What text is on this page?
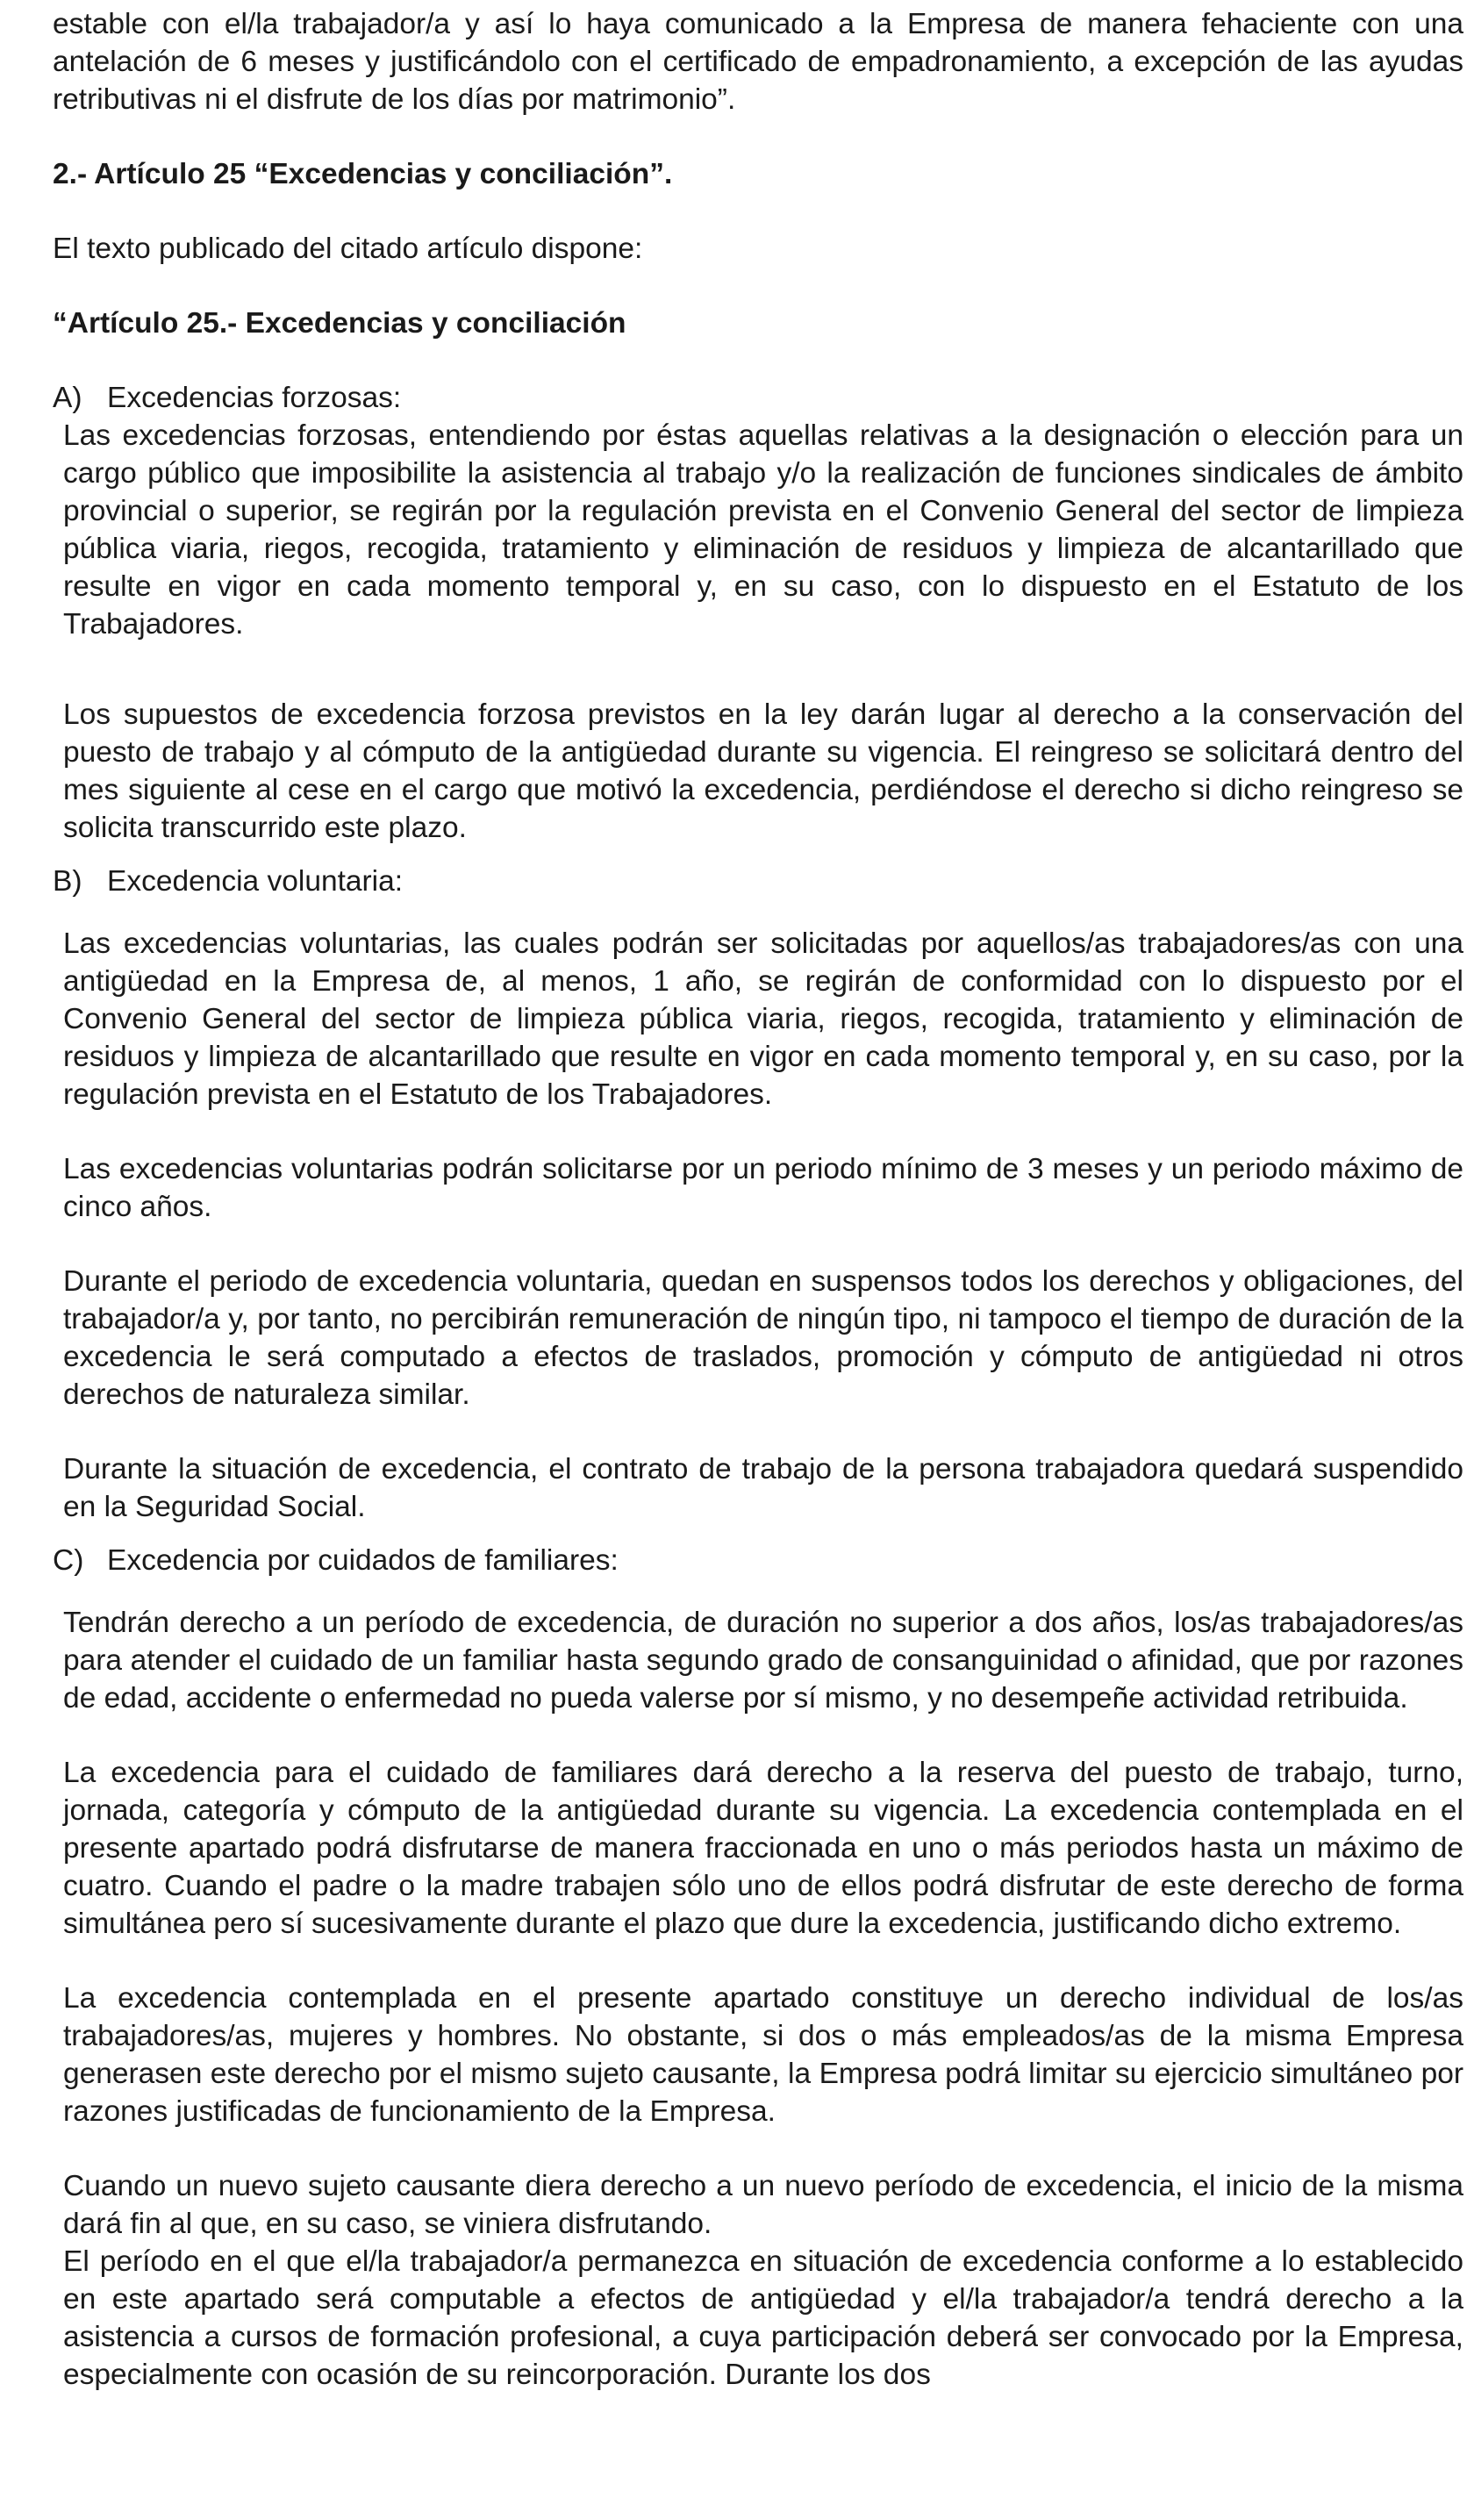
estable con el/la trabajador/a y así lo haya comunicado a la Empresa de manera fehaciente con una antelación de 6 meses y justificándolo con el certificado de empadronamiento, a excepción de las ayudas retributivas ni el disfrute de los días por matrimonio”.

2.- Artículo 25 “Excedencias y conciliación”.

El texto publicado del citado artículo dispone:

“Artículo 25.- Excedencias y conciliación
A) Excedencias forzosas:

Las excedencias forzosas, entendiendo por éstas aquellas relativas a la designación o elección para un cargo público que imposibilite la asistencia al trabajo y/o la realización de funciones sindicales de ámbito provincial o superior, se regirán por la regulación prevista en el Convenio General del sector de limpieza pública viaria, riegos, recogida, tratamiento y eliminación de residuos y limpieza de alcantarillado que resulte en vigor en cada momento temporal y, en su caso, con lo dispuesto en el Estatuto de los Trabajadores.

Los supuestos de excedencia forzosa previstos en la ley darán lugar al derecho a la conservación del puesto de trabajo y al cómputo de la antigüedad durante su vigencia. El reingreso se solicitará dentro del mes siguiente al cese en el cargo que motivó la excedencia, perdiéndose el derecho si dicho reingreso se solicita transcurrido este plazo.

B) Excedencia voluntaria:

Las excedencias voluntarias, las cuales podrán ser solicitadas por aquellos/as trabajadores/as con una antigüedad en la Empresa de, al menos, 1 año, se regirán de conformidad con lo dispuesto por el Convenio General del sector de limpieza pública viaria, riegos, recogida, tratamiento y eliminación de residuos y limpieza de alcantarillado que resulte en vigor en cada momento temporal y, en su caso, por la regulación prevista en el Estatuto de los Trabajadores.

Las excedencias voluntarias podrán solicitarse por un periodo mínimo de 3 meses y un periodo máximo de cinco años.

Durante el periodo de excedencia voluntaria, quedan en suspensos todos los derechos y obligaciones, del trabajador/a y, por tanto, no percibirán remuneración de ningún tipo, ni tampoco el tiempo de duración de la excedencia le será computado a efectos de traslados, promoción y cómputo de antigüedad ni otros derechos de naturaleza similar.

Durante la situación de excedencia, el contrato de trabajo de la persona trabajadora quedará suspendido en la Seguridad Social.

C) Excedencia por cuidados de familiares:

Tendrán derecho a un período de excedencia, de duración no superior a dos años, los/as trabajadores/as para atender el cuidado de un familiar hasta segundo grado de consanguinidad o afinidad, que por razones de edad, accidente o enfermedad no pueda valerse por sí mismo, y no desempeñe actividad retribuida.

La excedencia para el cuidado de familiares dará derecho a la reserva del puesto de trabajo, turno, jornada, categoría y cómputo de la antigüedad durante su vigencia. La excedencia contemplada en el presente apartado podrá disfrutarse de manera fraccionada en uno o más periodos hasta un máximo de cuatro. Cuando el padre o la madre trabajen sólo uno de ellos podrá disfrutar de este derecho de forma simultánea pero sí sucesivamente durante el plazo que dure la excedencia, justificando dicho extremo.

La excedencia contemplada en el presente apartado constituye un derecho individual de los/as trabajadores/as, mujeres y hombres. No obstante, si dos o más empleados/as de la misma Empresa generasen este derecho por el mismo sujeto causante, la Empresa podrá limitar su ejercicio simultáneo por razones justificadas de funcionamiento de la Empresa.

Cuando un nuevo sujeto causante diera derecho a un nuevo período de excedencia, el inicio de la misma dará fin al que, en su caso, se viniera disfrutando.

El período en el que el/la trabajador/a permanezca en situación de excedencia conforme a lo establecido en este apartado será computable a efectos de antigüedad y el/la trabajador/a tendrá derecho a la asistencia a cursos de formación profesional, a cuya participación deberá ser convocado por la Empresa, especialmente con ocasión de su reincorporación. Durante los dos
